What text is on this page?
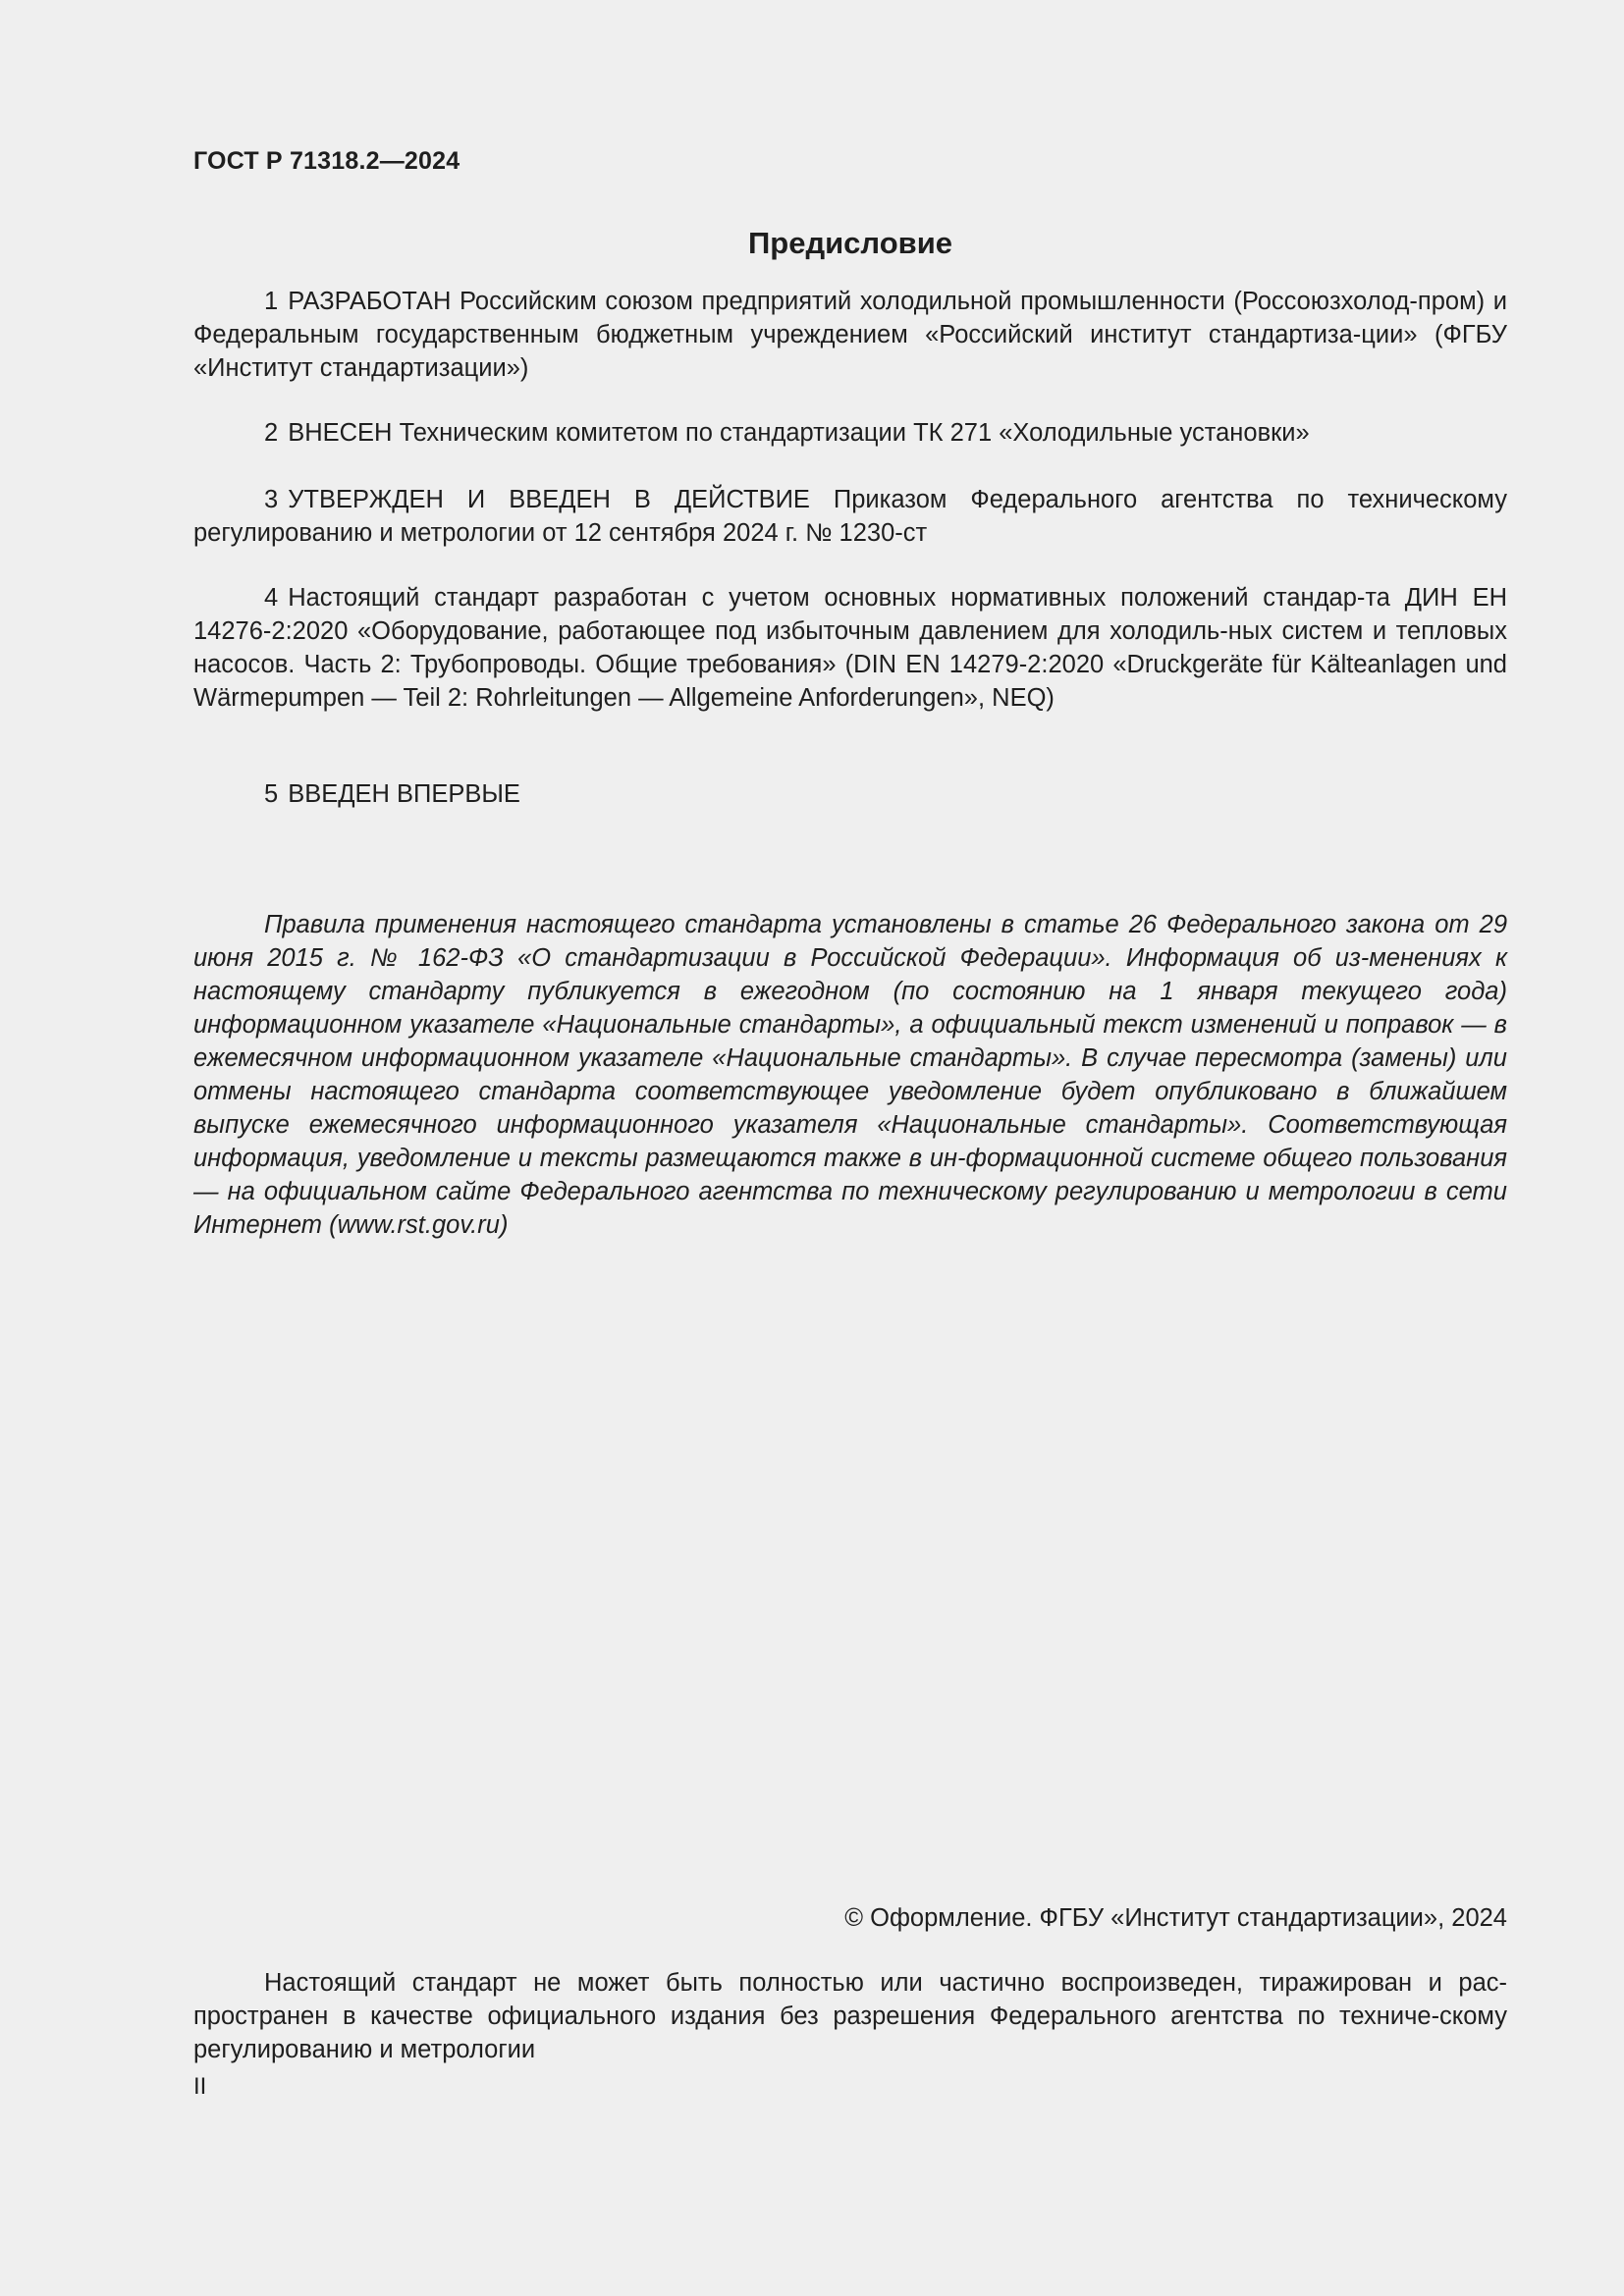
ГОСТ Р 71318.2—2024
Предисловие

1 РАЗРАБОТАН Российским союзом предприятий холодильной промышленности (Россоюзхолод-пром) и Федеральным государственным бюджетным учреждением «Российский институт стандартиза-ции» (ФГБУ «Институт стандартизации»)

2 ВНЕСЕН Техническим комитетом по стандартизации ТК 271 «Холодильные установки»

3 УТВЕРЖДЕН И ВВЕДЕН В ДЕЙСТВИЕ Приказом Федерального агентства по техническому регулированию и метрологии от 12 сентября 2024 г. № 1230-ст

4 Настоящий стандарт разработан с учетом основных нормативных положений стандар-та ДИН ЕН 14276-2:2020 «Оборудование, работающее под избыточным давлением для холодиль-ных систем и тепловых насосов. Часть 2: Трубопроводы. Общие требования» (DIN EN 14279-2:2020 «Druckgeräte für Kälteanlagen und Wärmepumpen — Teil 2: Rohrleitungen — Allgemeine Anforderungen», NEQ)

5 ВВЕДЕН ВПЕРВЫЕ

Правила применения настоящего стандарта установлены в статье 26 Федерального закона от 29 июня 2015 г. № 162-ФЗ «О стандартизации в Российской Федерации». Информация об из-менениях к настоящему стандарту публикуется в ежегодном (по состоянию на 1 января текущего года) информационном указателе «Национальные стандарты», а официальный текст изменений и поправок — в ежемесячном информационном указателе «Национальные стандарты». В случае пересмотра (замены) или отмены настоящего стандарта соответствующее уведомление будет опубликовано в ближайшем выпуске ежемесячного информационного указателя «Национальные стандарты». Соответствующая информация, уведомление и тексты размещаются также в ин-формационной системе общего пользования — на официальном сайте Федерального агентства по техническому регулированию и метрологии в сети Интернет (www.rst.gov.ru)

© Оформление. ФГБУ «Институт стандартизации», 2024

Настоящий стандарт не может быть полностью или частично воспроизведен, тиражирован и рас-пространен в качестве официального издания без разрешения Федерального агентства по техниче-скому регулированию и метрологии

II
